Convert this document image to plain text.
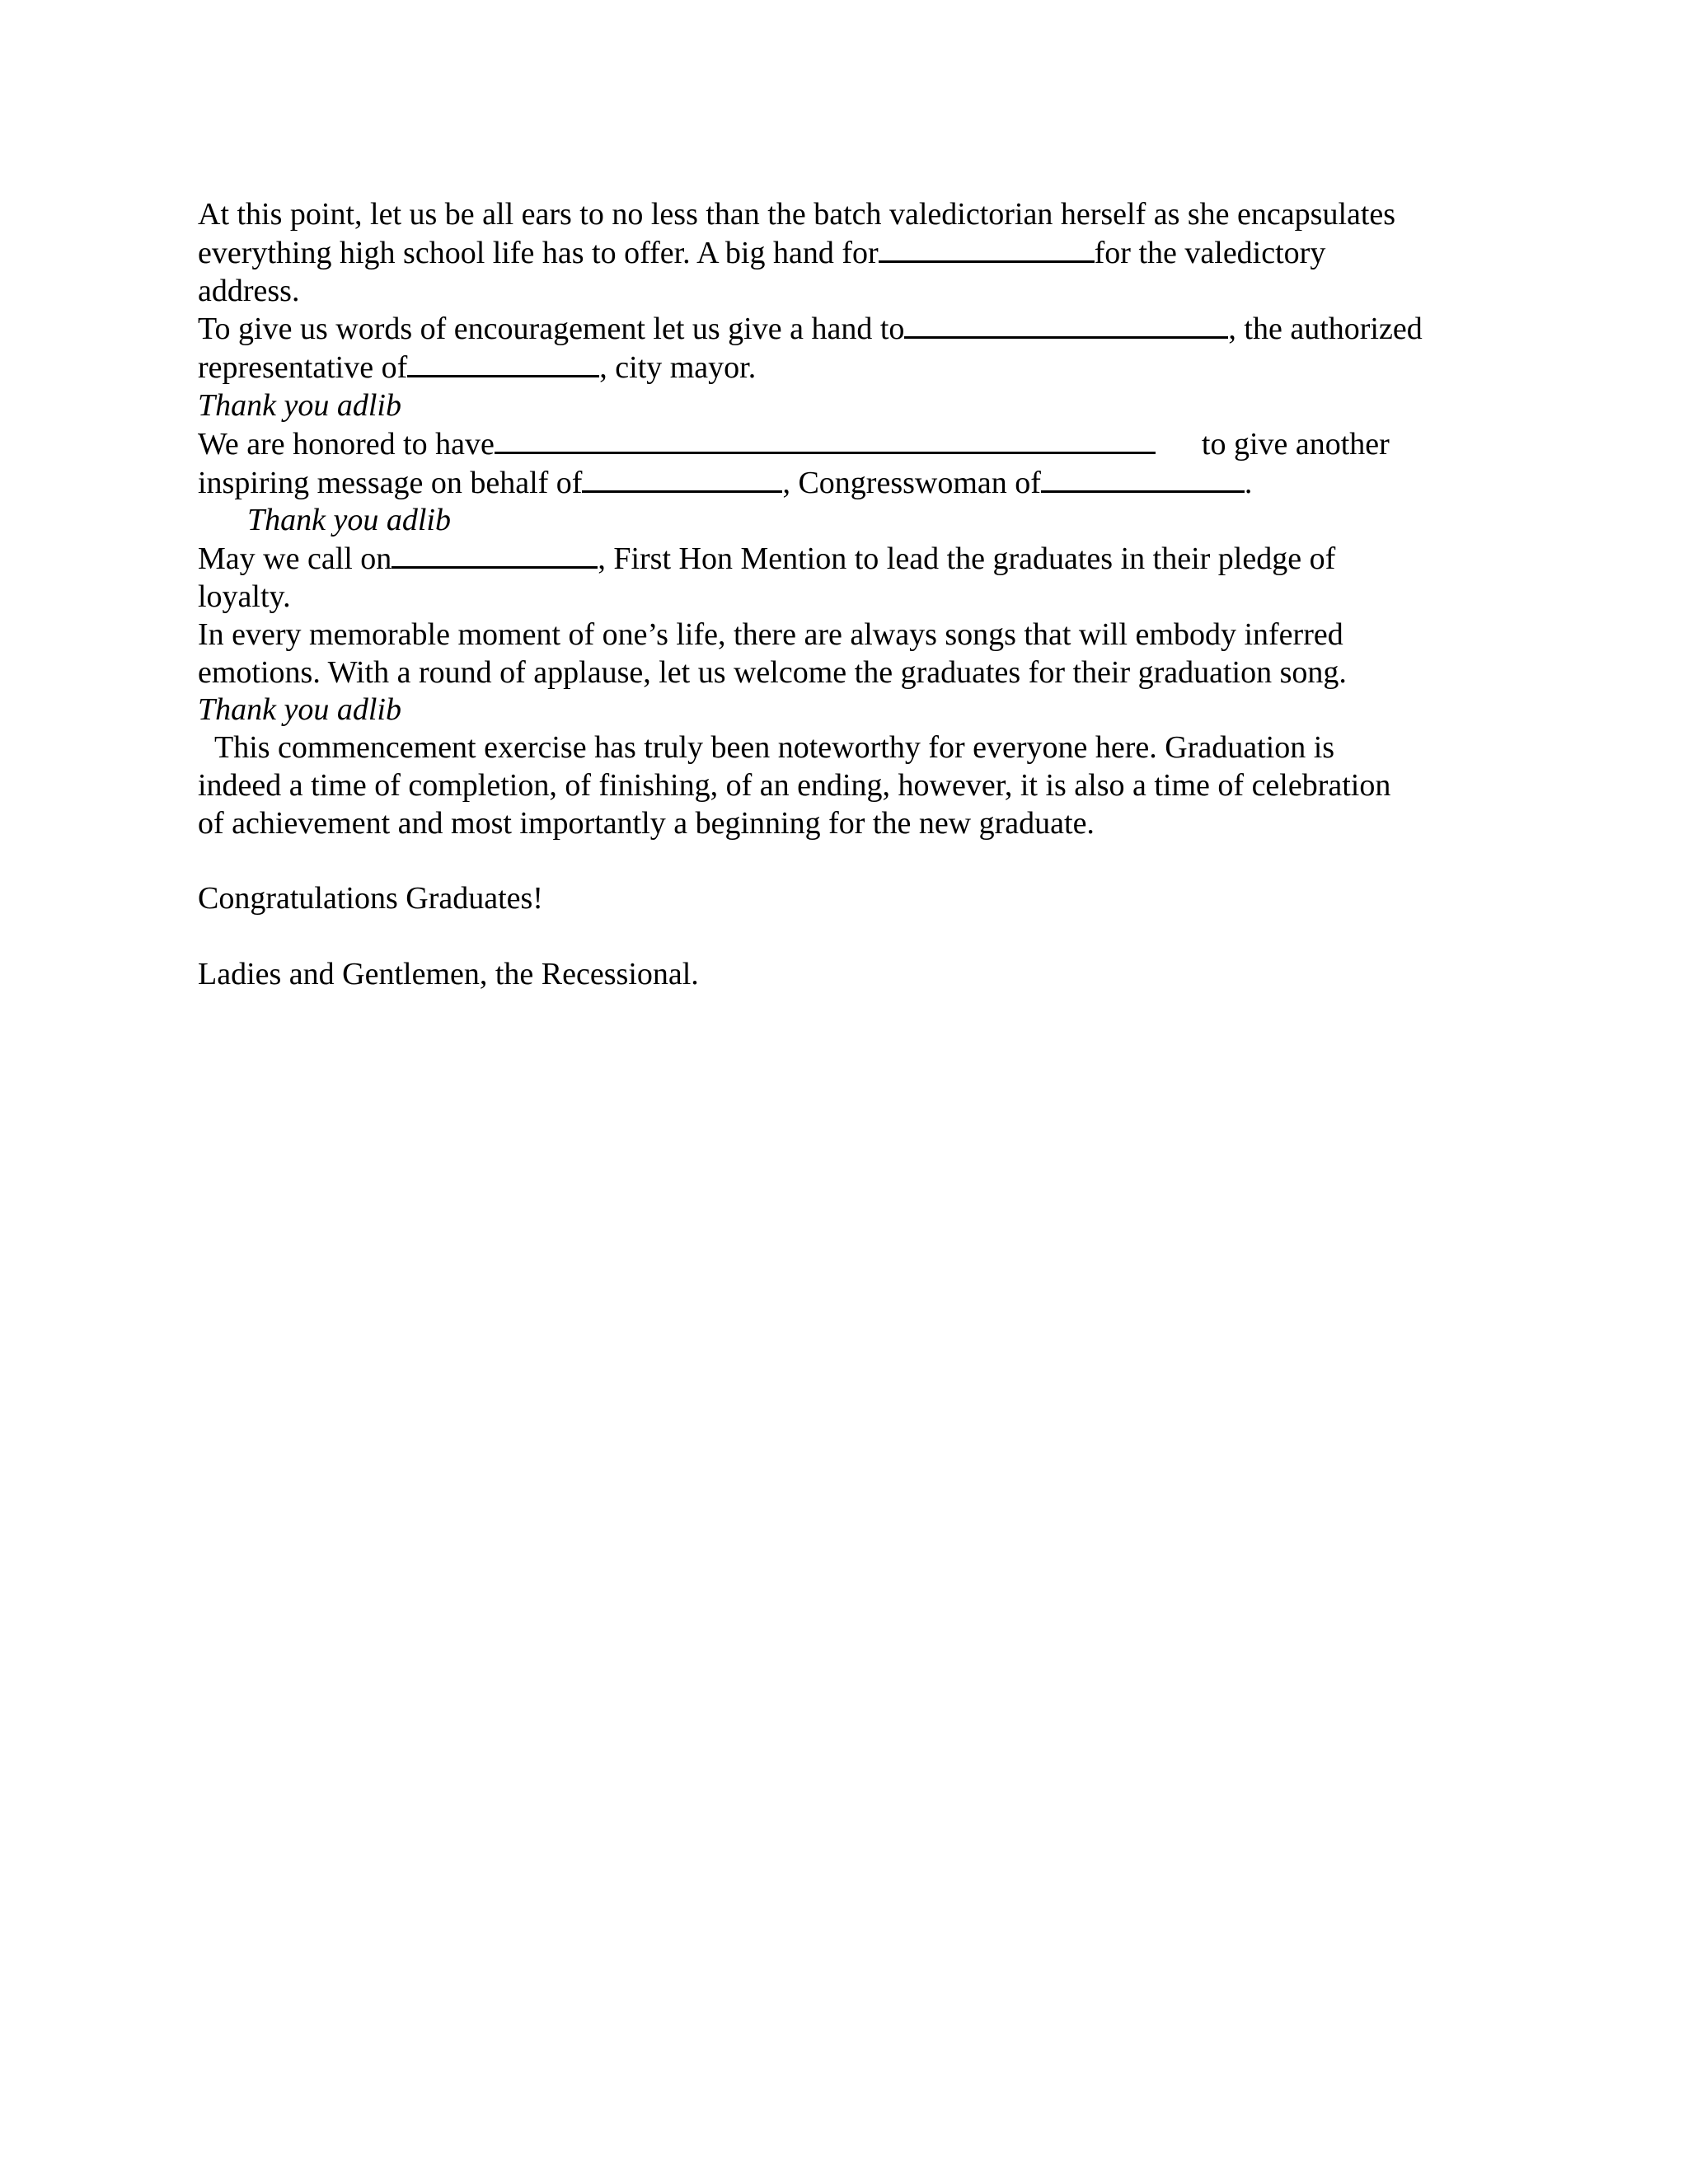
At this point, let us be all ears to no less than the batch valedictorian herself as she encapsulates
everything high school life has to offer. A big hand for	for the valedictory
address.
To give us words of encouragement let us give a hand to	, the authorized
representative of	, city mayor.
Thank you adlib
We are honored to have	to give another
inspiring message on behalf of	, Congresswoman of	.
Thank you adlib
May we call on	, First Hon Mention to lead the graduates in their pledge of
loyalty.
In every memorable moment of one’s life, there are always songs that will embody inferred
emotions. With a round of applause, let us welcome the graduates for their graduation song.
Thank you adlib
This commencement exercise has truly been noteworthy for everyone here. Graduation is
indeed a time of completion, of finishing, of an ending, however, it is also a time of celebration
of achievement and most importantly a beginning for the new graduate.
Congratulations Graduates!
Ladies and Gentlemen, the Recessional.
